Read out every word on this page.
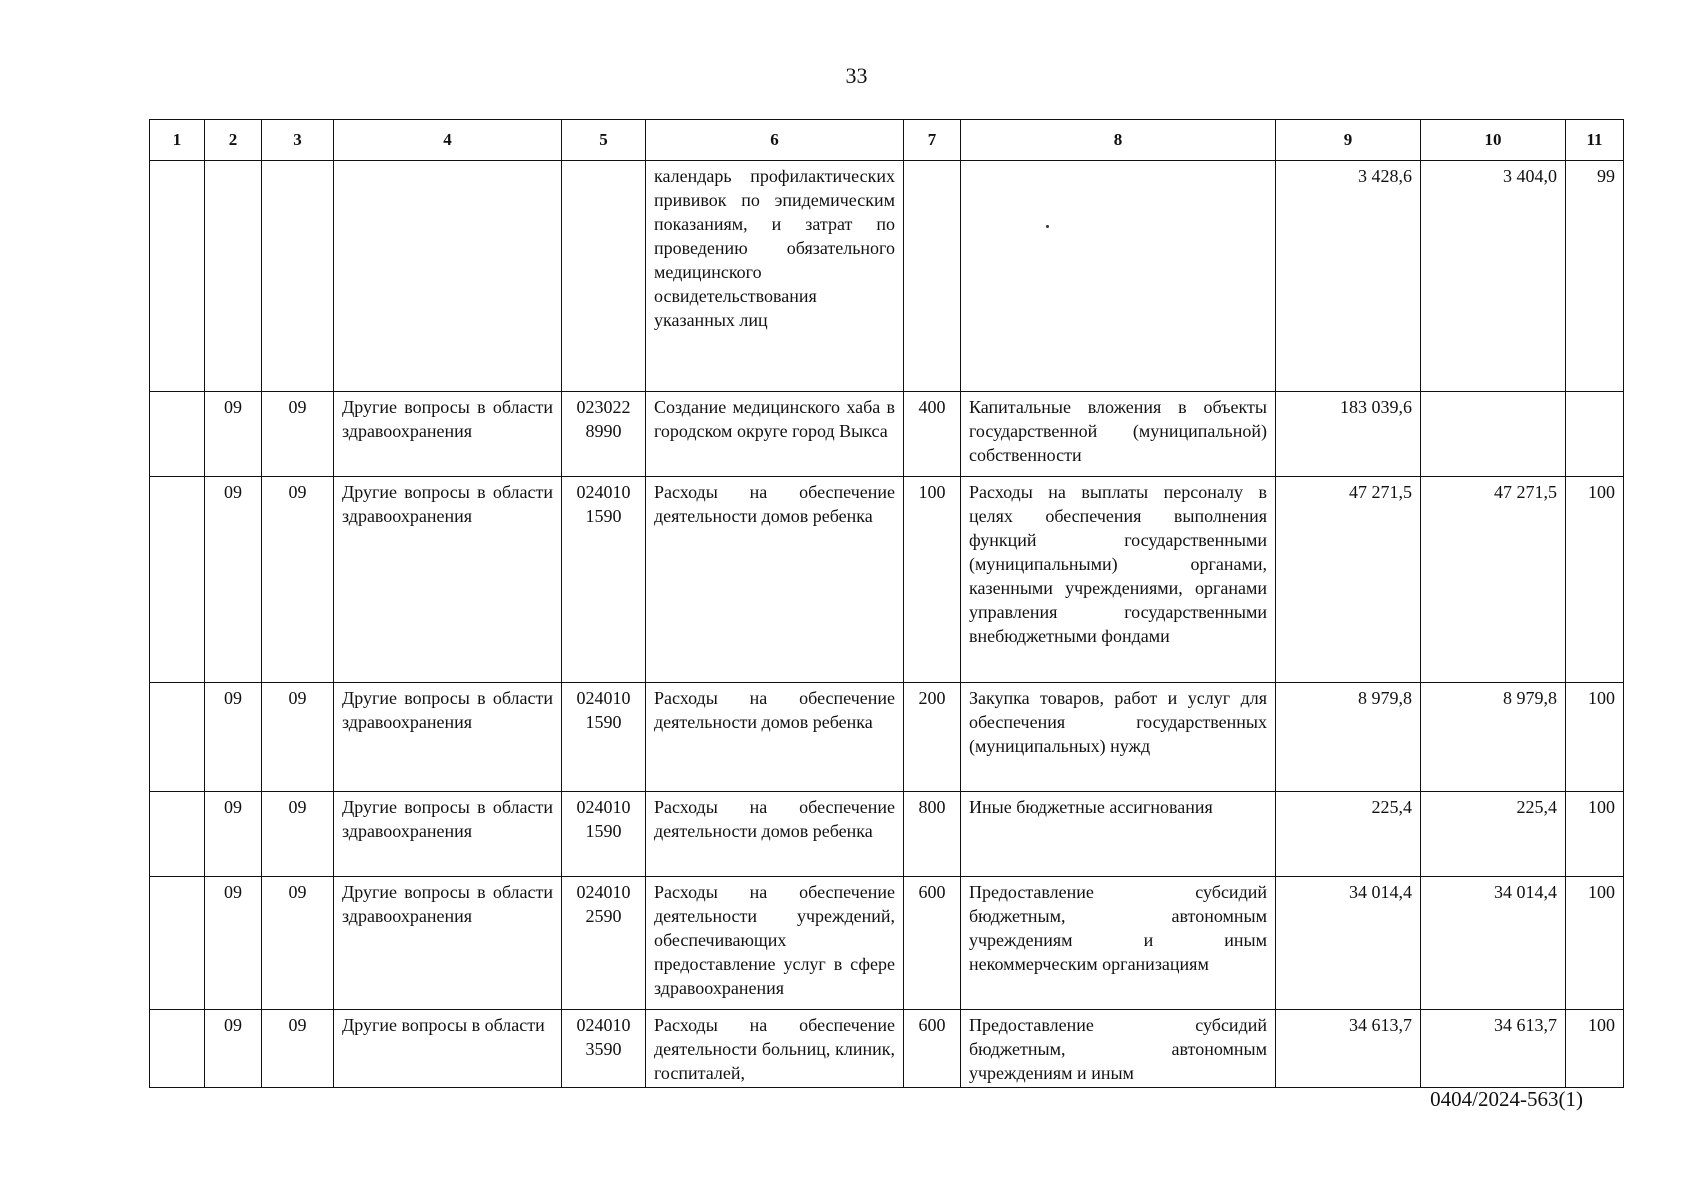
33
1	2	3	4	5	6	7	8	9	10	11
					календарь профилактических прививок по эпидемическим показаниям, и затрат по проведению обязательного медицинского освидетельствования указанных лиц			3 428,6	3 404,0	99
	09	09	Другие вопросы в области здравоохранения	023022 8990	Создание медицинского хаба в городском округе город Выкса	400	Капитальные вложения в объекты государственной (муниципальной) собственности	183 039,6		
	09	09	Другие вопросы в области здравоохранения	024010 1590	Расходы на обеспечение деятельности домов ребенка	100	Расходы на выплаты персоналу в целях обеспечения выполнения функций государственными (муниципальными) органами, казенными учреждениями, органами управления государственными внебюджетными фондами	47 271,5	47 271,5	100
	09	09	Другие вопросы в области здравоохранения	024010 1590	Расходы на обеспечение деятельности домов ребенка	200	Закупка товаров, работ и услуг для обеспечения государственных (муниципальных) нужд	8 979,8	8 979,8	100
	09	09	Другие вопросы в области здравоохранения	024010 1590	Расходы на обеспечение деятельности домов ребенка	800	Иные бюджетные ассигнования	225,4	225,4	100
	09	09	Другие вопросы в области здравоохранения	024010 2590	Расходы на обеспечение деятельности учреждений, обеспечивающих предоставление услуг в сфере здравоохранения	600	Предоставление субсидий бюджетным, автономным учреждениям и иным некоммерческим организациям	34 014,4	34 014,4	100
	09	09	Другие вопросы в области	024010 3590	Расходы на обеспечение деятельности больниц, клиник, госпиталей,	600	Предоставление субсидий бюджетным, автономным учреждениям и иным	34 613,7	34 613,7	100
0404/2024-563(1)
